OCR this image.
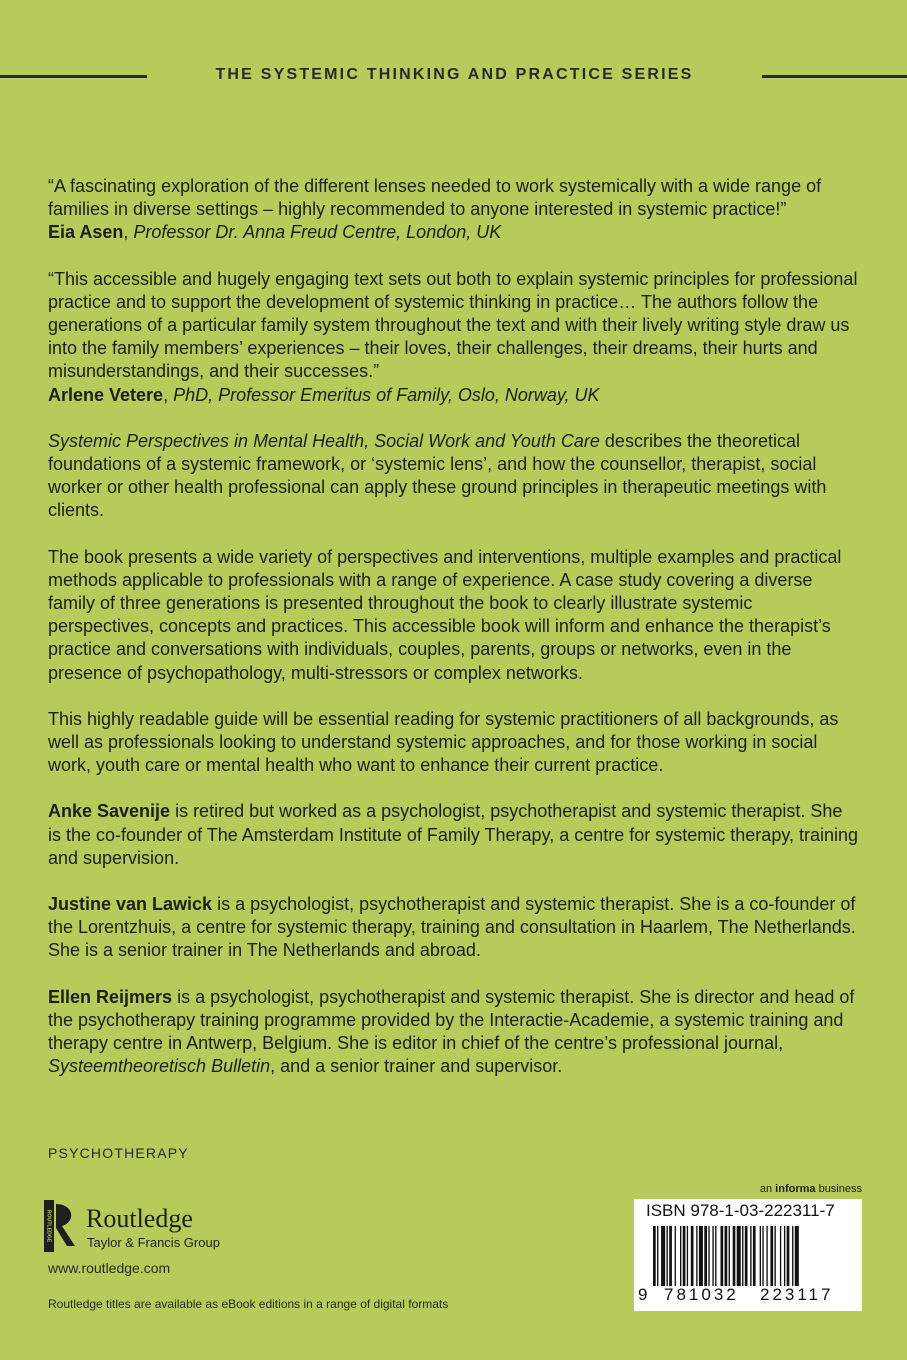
THE SYSTEMIC THINKING AND PRACTICE SERIES

“A fascinating exploration of the different lenses needed to work systemically with a wide range of families in diverse settings – highly recommended to anyone interested in systemic practice!”

Eia Asen, Professor Dr. Anna Freud Centre, London, UK

“This accessible and hugely engaging text sets out both to explain systemic principles for professional practice and to support the development of systemic thinking in practice… The authors follow the generations of a particular family system throughout the text and with their lively writing style draw us into the family members’ experiences – their loves, their challenges, their dreams, their hurts and misunderstandings, and their successes.”

Arlene Vetere, PhD, Professor Emeritus of Family, Oslo, Norway, UK

Systemic Perspectives in Mental Health, Social Work and Youth Care describes the theoretical foundations of a systemic framework, or ‘systemic lens’, and how the counsellor, therapist, social worker or other health professional can apply these ground principles in therapeutic meetings with clients.

The book presents a wide variety of perspectives and interventions, multiple examples and practical methods applicable to professionals with a range of experience. A case study covering a diverse family of three generations is presented throughout the book to clearly illustrate systemic perspectives, concepts and practices. This accessible book will inform and enhance the therapist’s practice and conversations with individuals, couples, parents, groups or networks, even in the presence of psychopathology, multi-stressors or complex networks.

This highly readable guide will be essential reading for systemic practitioners of all backgrounds, as well as professionals looking to understand systemic approaches, and for those working in social work, youth care or mental health who want to enhance their current practice.

Anke Savenije is retired but worked as a psychologist, psychotherapist and systemic therapist. She is the co-founder of The Amsterdam Institute of Family Therapy, a centre for systemic therapy, training and supervision.

Justine van Lawick is a psychologist, psychotherapist and systemic therapist. She is a co-founder of the Lorentzhuis, a centre for systemic therapy, training and consultation in Haarlem, The Netherlands. She is a senior trainer in The Netherlands and abroad.

Ellen Reijmers is a psychologist, psychotherapist and systemic therapist. She is director and head of the psychotherapy training programme provided by the Interactie-Academie, a systemic training and therapy centre in Antwerp, Belgium. She is editor in chief of the centre’s professional journal, Systeemtheoretisch Bulletin, and a senior trainer and supervisor.

PSYCHOTHERAPY
ROUTLEDGE Routledge
Taylor & Francis Group
www.routledge.com
Routledge titles are available as eBook editions in a range of digital formats
an informa business
ISBN 978-1-03-222311-7
9 781032 223117
